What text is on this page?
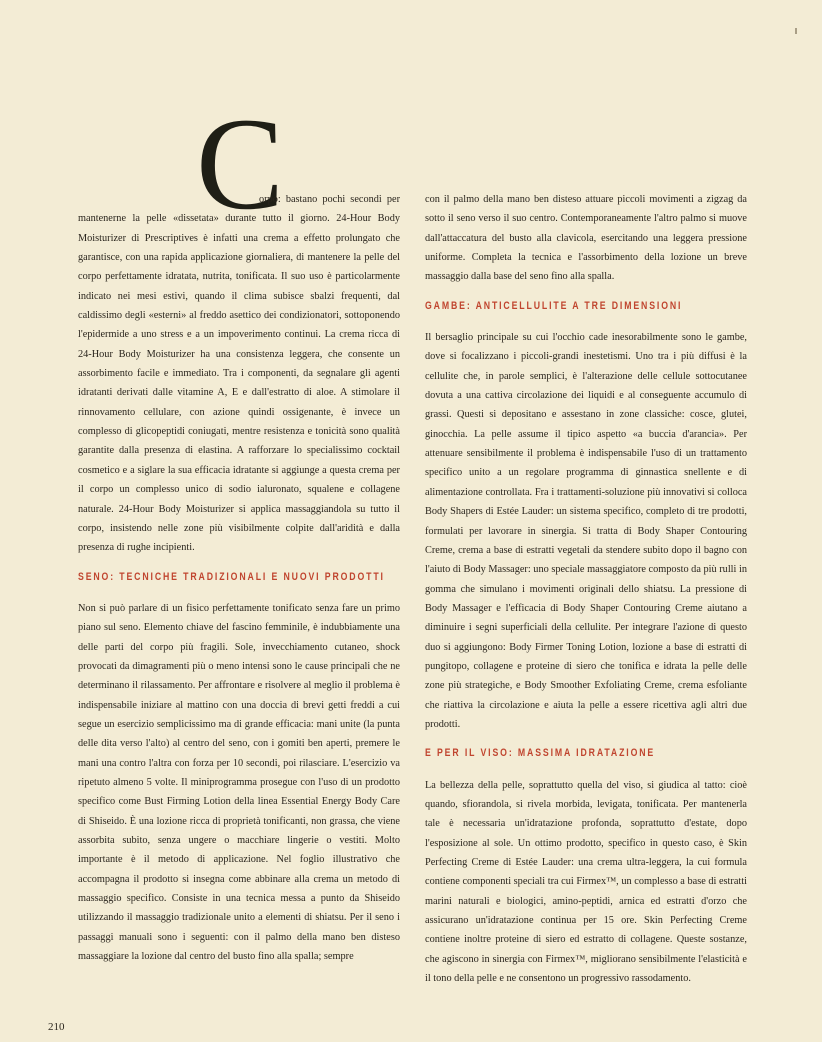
C
orpo: bastano pochi secondi per mantenerne la pelle «dissetata» durante tutto il giorno. 24-Hour Body Moisturizer di Prescriptives è infatti una crema a effetto prolungato che garantisce, con una rapida applicazione giornaliera, di mantenere la pelle del corpo perfettamente idratata, nutrita, tonificata. Il suo uso è particolarmente indicato nei mesi estivi, quando il clima subisce sbalzi frequenti, dal caldissimo degli «esterni» al freddo asettico dei condizionatori, sottoponendo l'epidermide a uno stress e a un impoverimento continui. La crema ricca di 24-Hour Body Moisturizer ha una consistenza leggera, che consente un assorbimento facile e immediato. Tra i componenti, da segnalare gli agenti idratanti derivati dalle vitamine A, E e dall'estratto di aloe. A stimolare il rinnovamento cellulare, con azione quindi ossigenante, è invece un complesso di glicopeptidi coniugati, mentre resistenza e tonicità sono qualità garantite dalla presenza di elastina. A rafforzare lo specialissimo cocktail cosmetico e a siglare la sua efficacia idratante si aggiunge a questa crema per il corpo un complesso unico di sodio ialuronato, squalene e collagene naturale. 24-Hour Body Moisturizer si applica massaggiandola su tutto il corpo, insistendo nelle zone più visibilmente colpite dall'aridità e dalla presenza di rughe incipienti.

SENO: TECNICHE TRADIZIONALI E NUOVI PRODOTTI

Non si può parlare di un fisico perfettamente tonificato senza fare un primo piano sul seno. Elemento chiave del fascino femminile, è indubbiamente una delle parti del corpo più fragili. Sole, invecchiamento cutaneo, shock provocati da dimagramenti più o meno intensi sono le cause principali che ne determinano il rilassamento. Per affrontare e risolvere al meglio il problema è indispensabile iniziare al mattino con una doccia di brevi getti freddi a cui segue un esercizio semplicissimo ma di grande efficacia: mani unite (la punta delle dita verso l'alto) al centro del seno, con i gomiti ben aperti, premere le mani una contro l'altra con forza per 10 secondi, poi rilasciare. L'esercizio va ripetuto almeno 5 volte. Il miniprogramma prosegue con l'uso di un prodotto specifico come Bust Firming Lotion della linea Essential Energy Body Care di Shiseido. È una lozione ricca di proprietà tonificanti, non grassa, che viene assorbita subito, senza ungere o macchiare lingerie o vestiti. Molto importante è il metodo di applicazione. Nel foglio illustrativo che accompagna il prodotto si insegna come abbinare alla crema un metodo di massaggio specifico. Consiste in una tecnica messa a punto da Shiseido utilizzando il massaggio tradizionale unito a elementi di shiatsu. Per il seno i passaggi manuali sono i seguenti: con il palmo della mano ben disteso massaggiare la lozione dal centro del busto fino alla spalla; sempre

con il palmo della mano ben disteso attuare piccoli movimenti a zigzag da sotto il seno verso il suo centro. Contemporaneamente l'altro palmo si muove dall'attaccatura del busto alla clavicola, esercitando una leggera pressione uniforme. Completa la tecnica e l'assorbimento della lozione un breve massaggio dalla base del seno fino alla spalla.

GAMBE: ANTICELLULITE A TRE DIMENSIONI

Il bersaglio principale su cui l'occhio cade inesorabilmente sono le gambe, dove si focalizzano i piccoli-grandi inestetismi. Uno tra i più diffusi è la cellulite che, in parole semplici, è l'alterazione delle cellule sottocutanee dovuta a una cattiva circolazione dei liquidi e al conseguente accumulo di grassi. Questi si depositano e assestano in zone classiche: cosce, glutei, ginocchia. La pelle assume il tipico aspetto «a buccia d'arancia». Per attenuare sensibilmente il problema è indispensabile l'uso di un trattamento specifico unito a un regolare programma di ginnastica snellente e di alimentazione controllata. Fra i trattamenti-soluzione più innovativi si colloca Body Shapers di Estée Lauder: un sistema specifico, completo di tre prodotti, formulati per lavorare in sinergia. Si tratta di Body Shaper Contouring Creme, crema a base di estratti vegetali da stendere subito dopo il bagno con l'aiuto di Body Massager: uno speciale massaggiatore composto da più rulli in gomma che simulano i movimenti originali dello shiatsu. La pressione di Body Massager e l'efficacia di Body Shaper Contouring Creme aiutano a diminuire i segni superficiali della cellulite. Per integrare l'azione di questo duo si aggiungono: Body Firmer Toning Lotion, lozione a base di estratti di pungitopo, collagene e proteine di siero che tonifica e idrata la pelle delle zone più strategiche, e Body Smoother Exfoliating Creme, crema esfoliante che riattiva la circolazione e aiuta la pelle a essere ricettiva agli altri due prodotti.

E PER IL VISO: MASSIMA IDRATAZIONE

La bellezza della pelle, soprattutto quella del viso, si giudica al tatto: cioè quando, sfiorandola, si rivela morbida, levigata, tonificata. Per mantenerla tale è necessaria un'idratazione profonda, soprattutto d'estate, dopo l'esposizione al sole. Un ottimo prodotto, specifico in questo caso, è Skin Perfecting Creme di Estée Lauder: una crema ultra-leggera, la cui formula contiene componenti speciali tra cui Firmex™, un complesso a base di estratti marini naturali e biologici, amino-peptidi, arnica ed estratti d'orzo che assicurano un'idratazione continua per 15 ore. Skin Perfecting Creme contiene inoltre proteine di siero ed estratto di collagene. Queste sostanze, che agiscono in sinergia con Firmex™, migliorano sensibilmente l'elasticità e il tono della pelle e ne consentono un progressivo rassodamento.

210
